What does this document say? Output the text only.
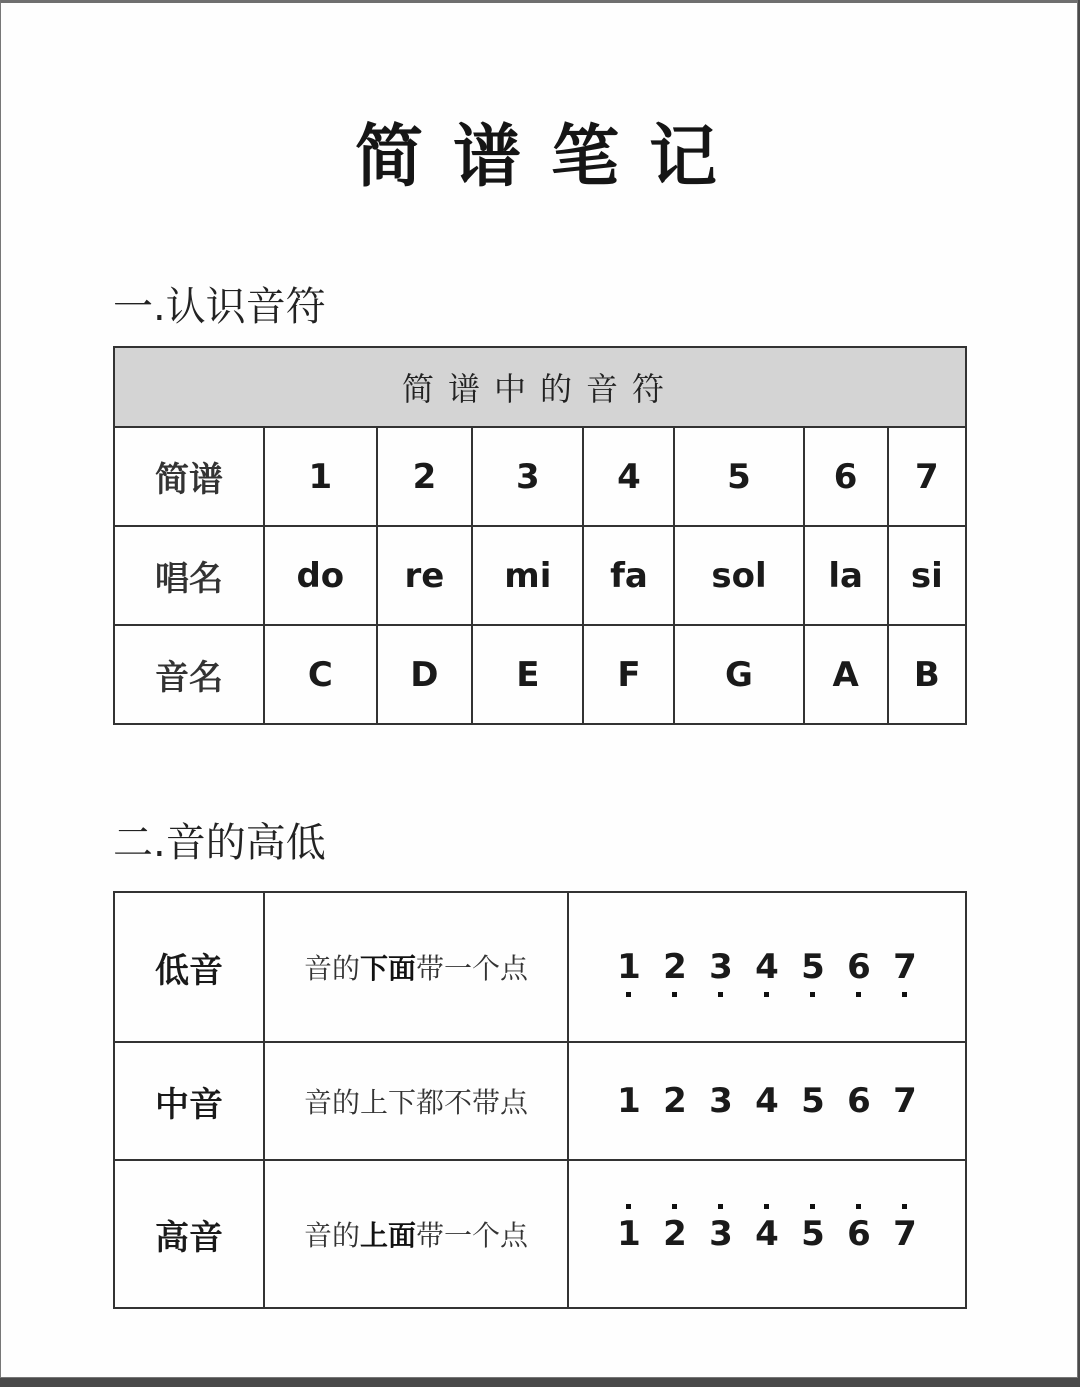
简谱笔记
一.认识音符
简谱中的音符							
简谱	1	2	3	4	5	6	7
唱名	do	re	mi	fa	sol	la	si
音名	C	D	E	F	G	A	B
二.音的高低
低音	音的下面带一个点	1 2 3 4 5 6 7

中音	音的上下都不带点	1 2 3 4 5 6 7
高音	音的上面带一个点	1 2 3 4 5 6 7
